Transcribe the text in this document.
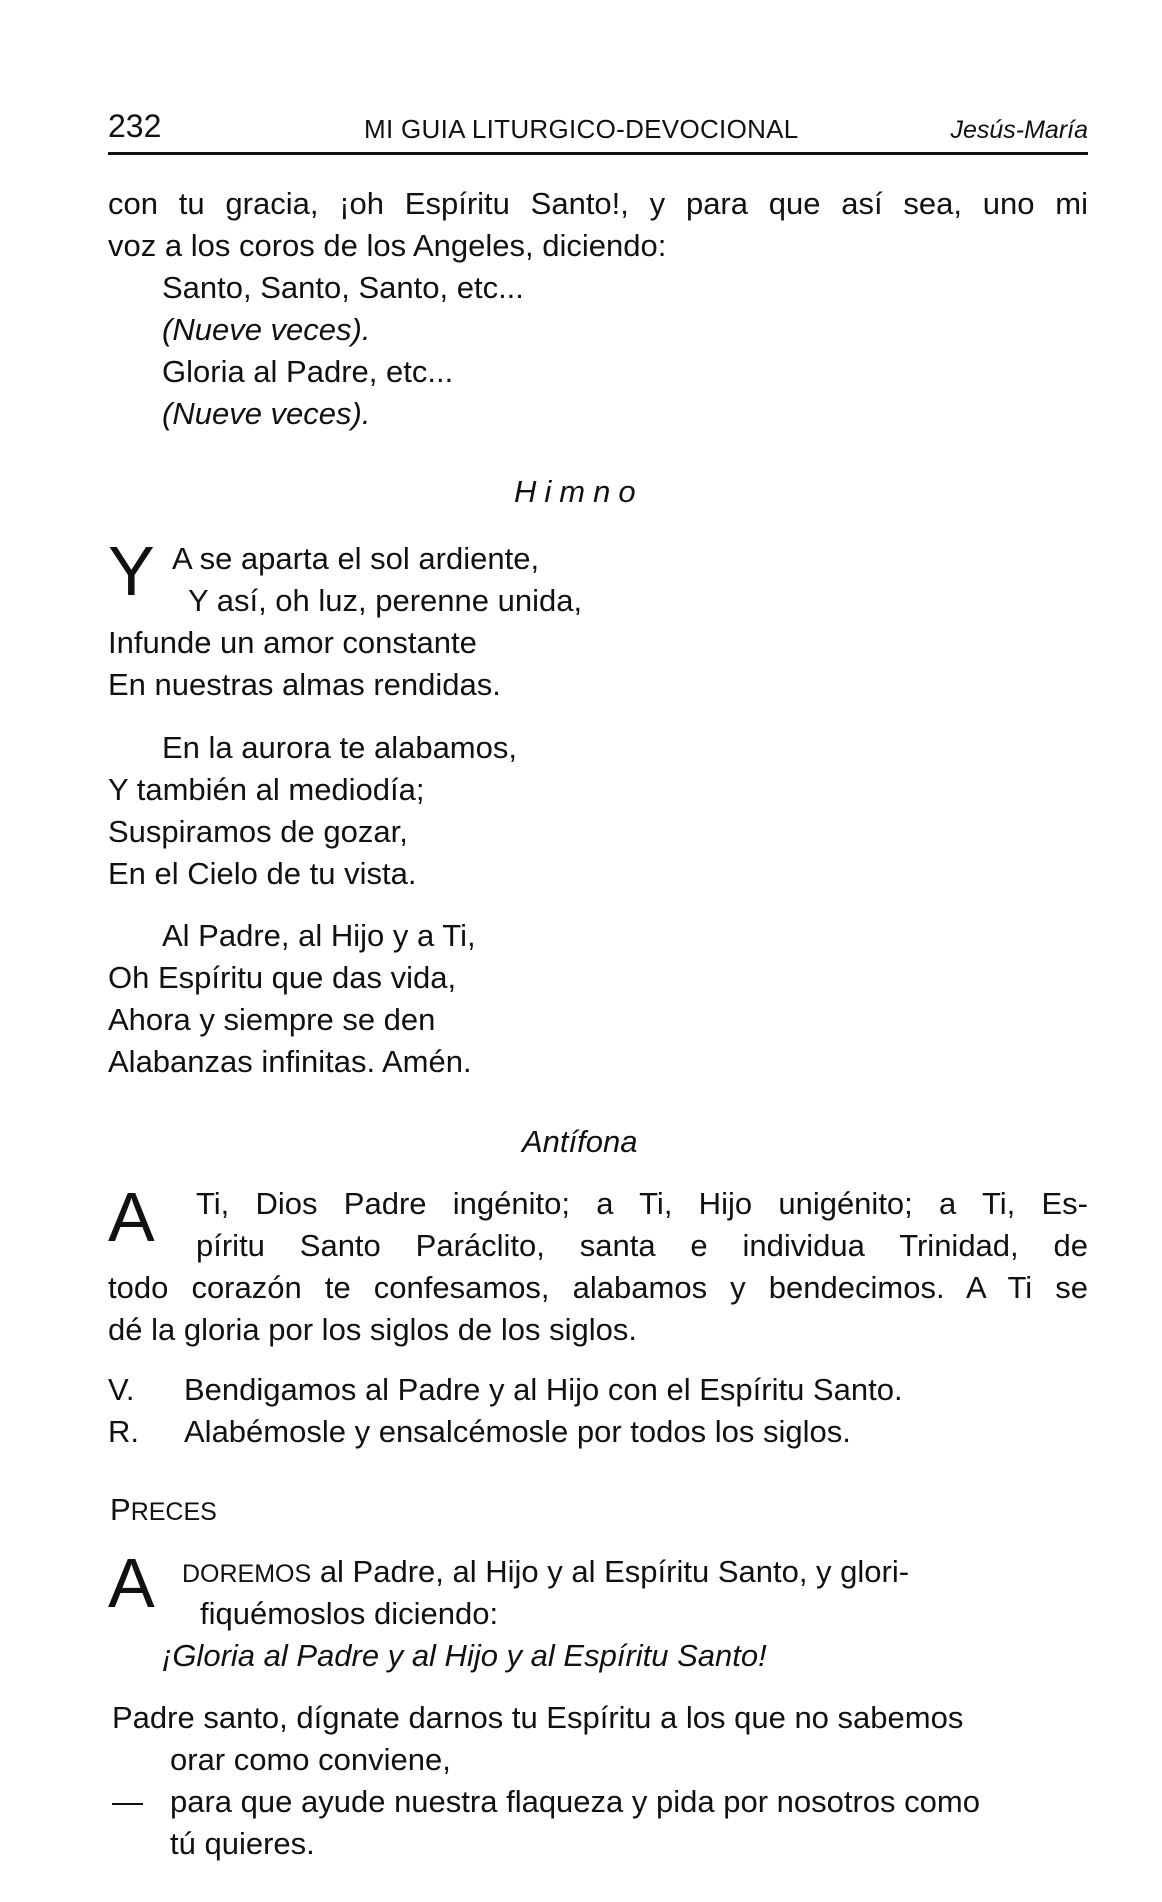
232	MI GUIA LITURGICO-DEVOCIONAL	Jesús-María
con tu gracia, ¡oh Espíritu Santo!, y para que así sea, uno mi
voz a los coros de los Angeles, diciendo:
Santo, Santo, Santo, etc...
(Nueve veces).
Gloria al Padre, etc...
(Nueve veces).
Himno
Y A se aparta el sol ardiente,
Y así, oh luz, perenne unida,
Infunde un amor constante
En nuestras almas rendidas.
En la aurora te alabamos,
Y también al mediodía;
Suspiramos de gozar,
En el Cielo de tu vista.
Al Padre, al Hijo y a Ti,
Oh Espíritu que das vida,
Ahora y siempre se den
Alabanzas infinitas. Amén.
Antífona
A Ti, Dios Padre ingénito; a Ti, Hijo unigénito; a Ti, Es-
píritu Santo Paráclito, santa e individua Trinidad, de
todo corazón te confesamos, alabamos y bendecimos. A Ti se
dé la gloria por los siglos de los siglos.
V. Bendigamos al Padre y al Hijo con el Espíritu Santo.
R. Alabémosle y ensalcémosle por todos los siglos.
PRECES
A DOREMOS al Padre, al Hijo y al Espíritu Santo, y glori-
fiquémoslos diciendo:
¡Gloria al Padre y al Hijo y al Espíritu Santo!
Padre santo, dígnate darnos tu Espíritu a los que no sabemos
orar como conviene,
— para que ayude nuestra flaqueza y pida por nosotros como
tú quieres.
